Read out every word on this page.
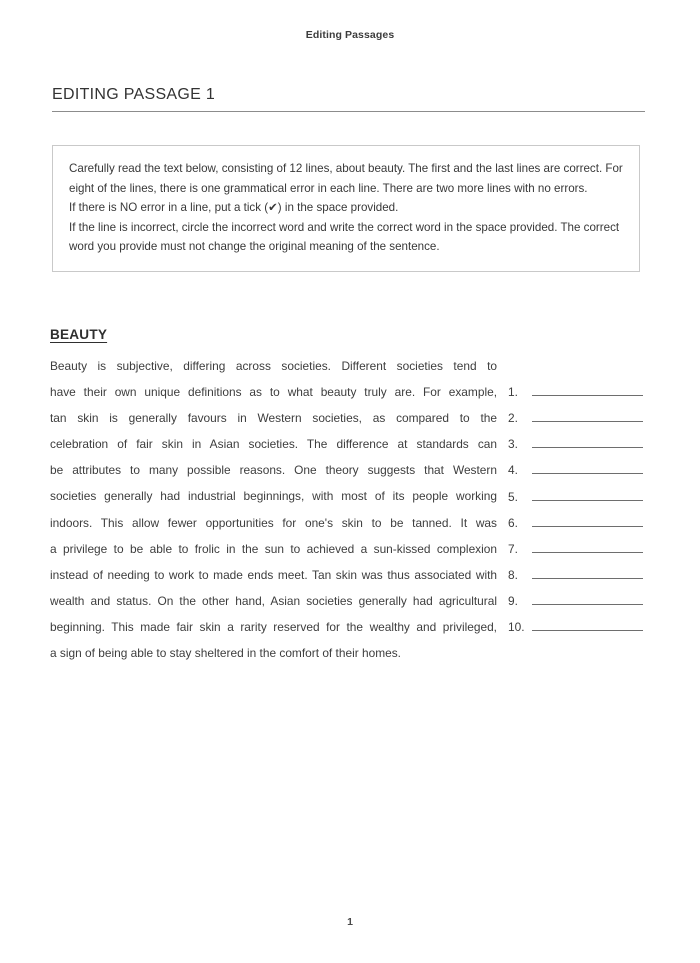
Editing Passages
EDITING PASSAGE 1
Carefully read the text below, consisting of 12 lines, about beauty. The first and the last lines are correct. For eight of the lines, there is one grammatical error in each line. There are two more lines with no errors.
If there is NO error in a line, put a tick (✔) in the space provided.
If the line is incorrect, circle the incorrect word and write the correct word in the space provided. The correct word you provide must not change the original meaning of the sentence.
BEAUTY
Beauty is subjective, differing across societies. Different societies tend to
have their own unique definitions as to what beauty truly are. For example,
tan skin is generally favours in Western societies, as compared to the
celebration of fair skin in Asian societies. The difference at standards can
be attributes to many possible reasons. One theory suggests that Western
societies generally had industrial beginnings, with most of its people working
indoors. This allow fewer opportunities for one's skin to be tanned. It was
a privilege to be able to frolic in the sun to achieved a sun-kissed complexion
instead of needing to work to made ends meet. Tan skin was thus associated with
wealth and status. On the other hand, Asian societies generally had agricultural
beginning. This made fair skin a rarity reserved for the wealthy and privileged,
a sign of being able to stay sheltered in the comfort of their homes.
1.
2.
3.
4.
5.
6.
7.
8.
9.
10.
1
